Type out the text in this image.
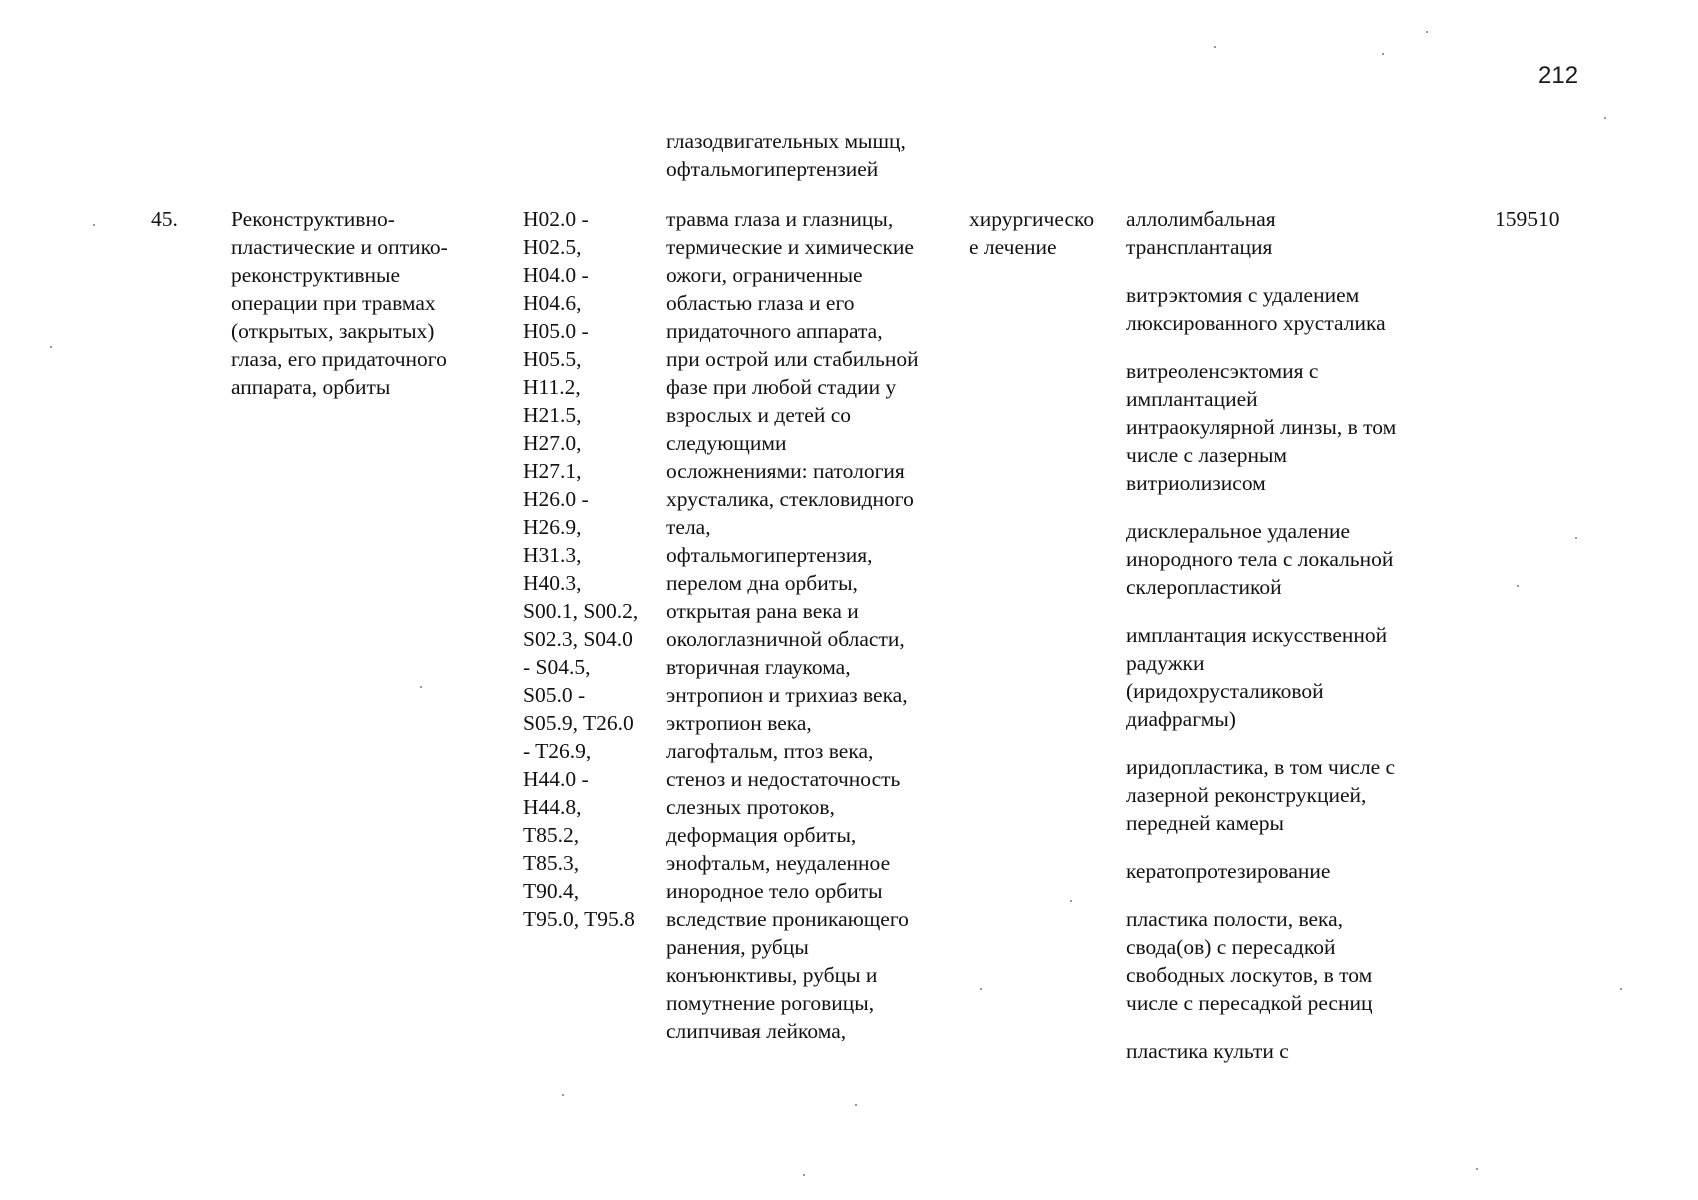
212
глазодвигательных мышц,
офтальмогипертензией
45. Реконструктивно-
пластические и оптико-
реконструктивные
операции при травмах
(открытых, закрытых)
глаза, его придаточного
аппарата, орбиты
H02.0 -
H02.5,
H04.0 -
H04.6,
H05.0 -
H05.5,
H11.2,
H21.5,
H27.0,
H27.1,
H26.0 -
H26.9,
H31.3,
H40.3,
S00.1, S00.2,
S02.3, S04.0
- S04.5,
S05.0 -
S05.9, T26.0
- T26.9,
H44.0 -
H44.8,
T85.2,
T85.3,
T90.4,
T95.0, T95.8
травма глаза и глазницы,
термические и химические
ожоги, ограниченные
областью глаза и его
придаточного аппарата,
при острой или стабильной
фазе при любой стадии у
взрослых и детей со
следующими
осложнениями: патология
хрусталика, стекловидного
тела,
офтальмогипертензия,
перелом дна орбиты,
открытая рана века и
окологлазничной области,
вторичная глаукома,
энтропион и трихиаз века,
эктропион века,
лагофтальм, птоз века,
стеноз и недостаточность
слезных протоков,
деформация орбиты,
энофтальм, неудаленное
инородное тело орбиты
вследствие проникающего
ранения, рубцы
конъюнктивы, рубцы и
помутнение роговицы,
слипчивая лейкома,
хирургическо
е лечение
аллолимбальная
трансплантация
витрэктомия с удалением
люксированного хрусталика
витреоленсэктомия с
имплантацией
интраокулярной линзы, в том
числе с лазерным
витриолизисом
дисклеральное удаление
инородного тела с локальной
склеропластикой
имплантация искусственной
радужки
(иридохрусталиковой
диафрагмы)
иридопластика, в том числе с
лазерной реконструкцией,
передней камеры
кератопротезирование
пластика полости, века,
свода(ов) с пересадкой
свободных лоскутов, в том
числе с пересадкой ресниц
пластика культи с
159510
